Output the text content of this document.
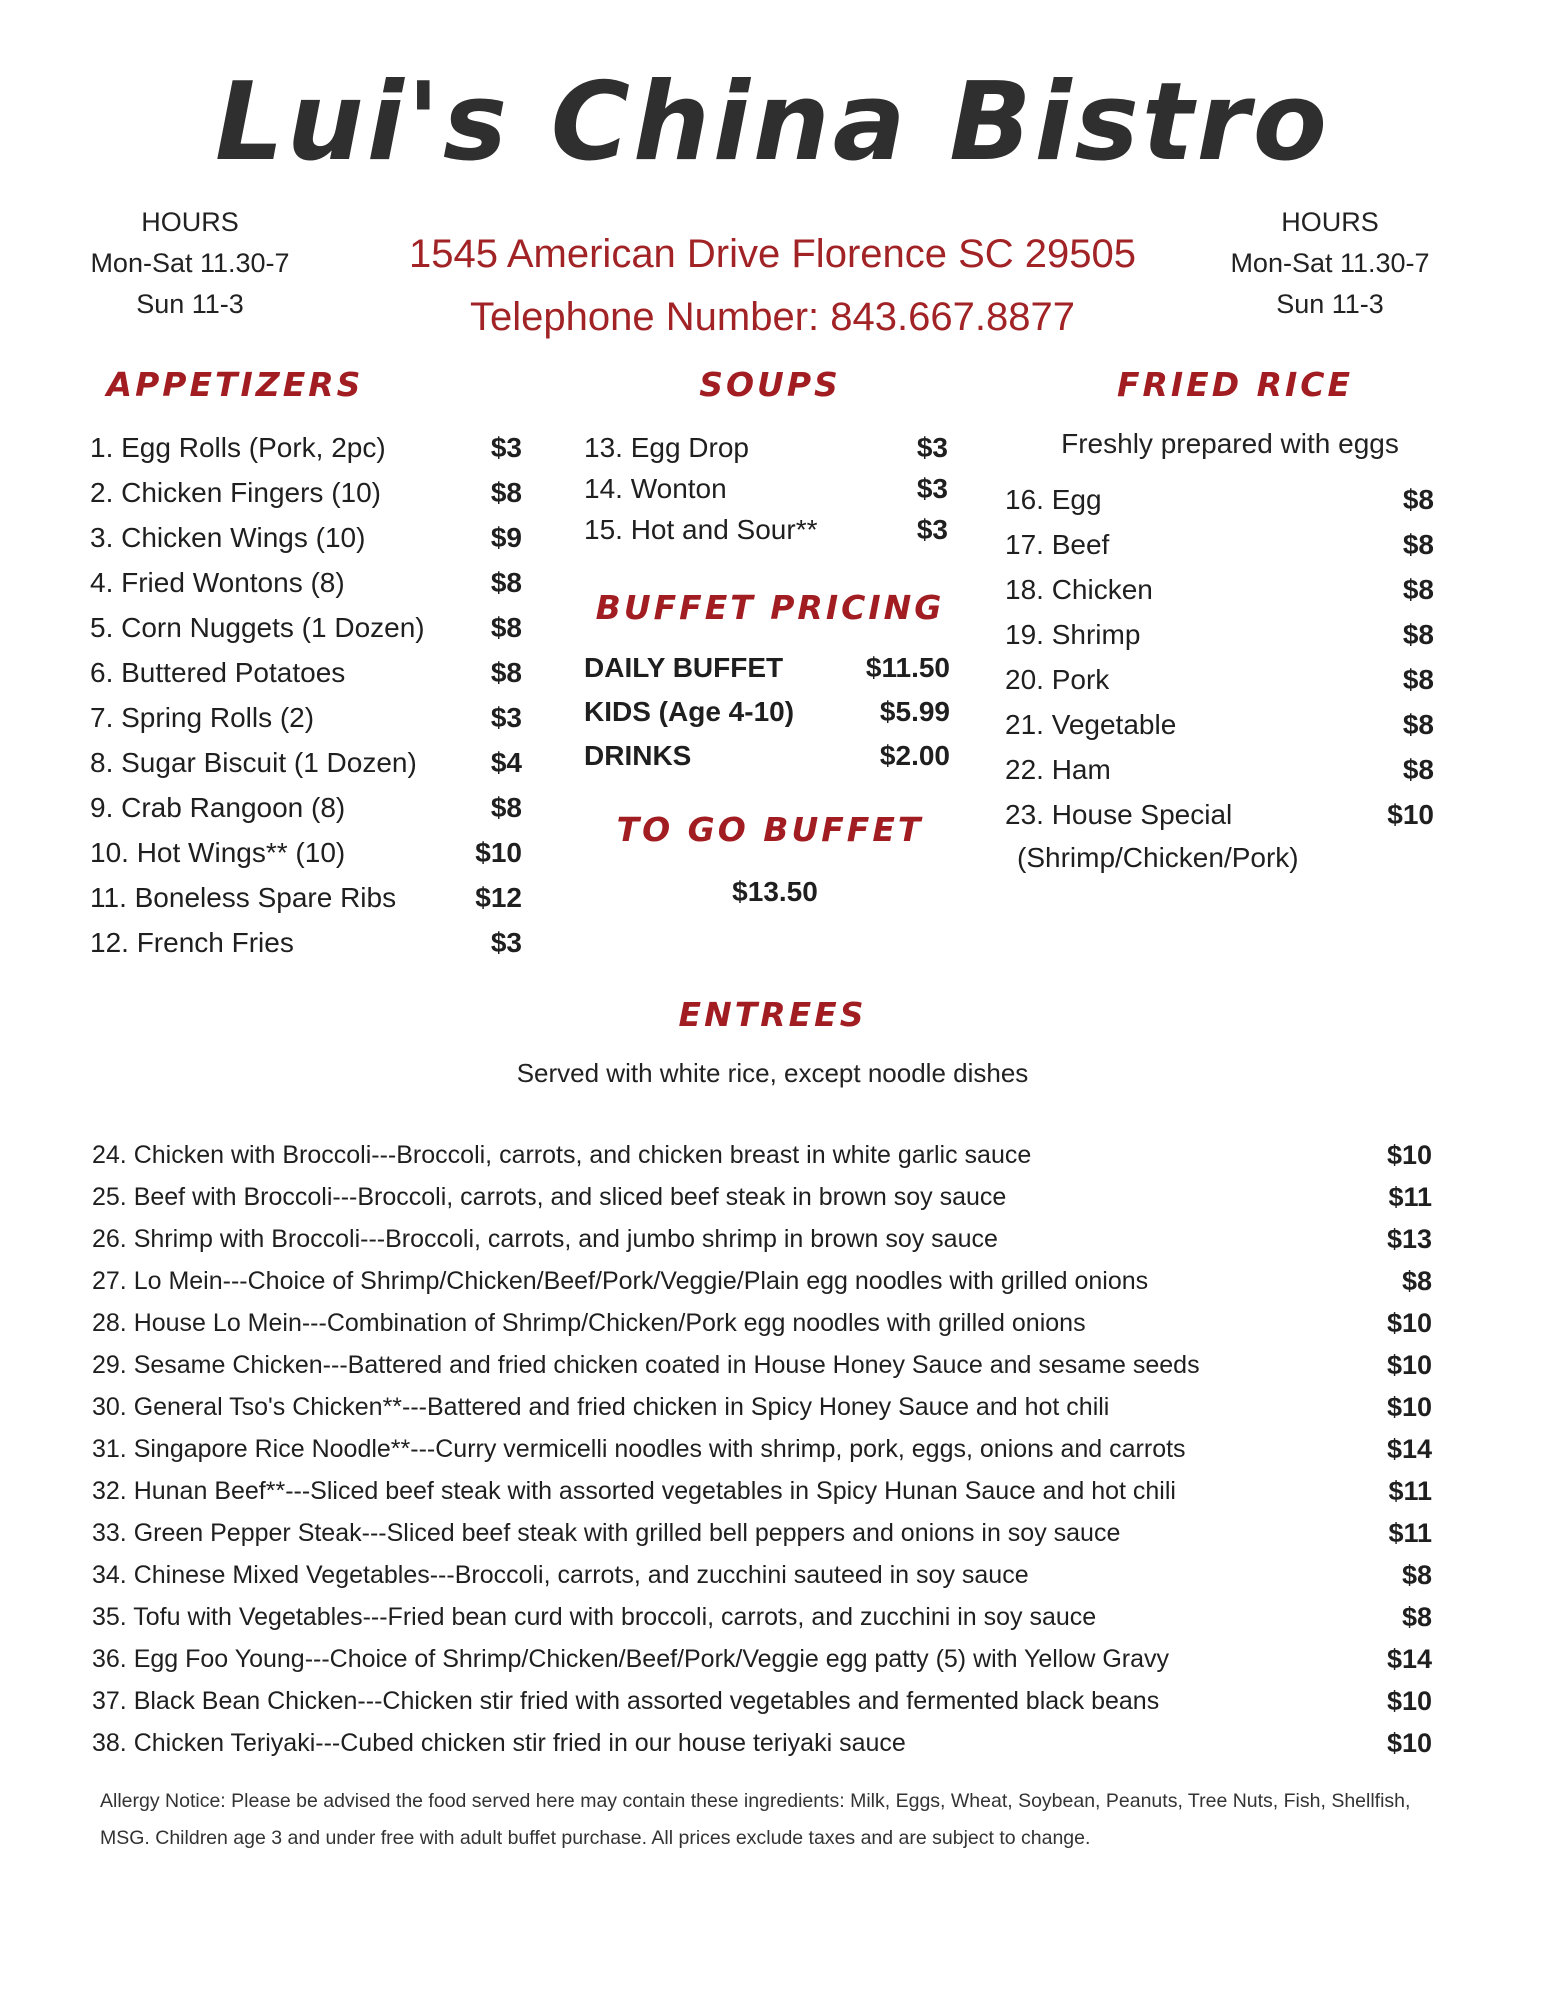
Lui's China Bistro
HOURS
Mon-Sat 11.30-7
Sun 11-3
HOURS
Mon-Sat 11.30-7
Sun 11-3
1545 American Drive Florence SC 29505
Telephone Number: 843.667.8877
APPETIZERS
1. Egg Rolls (Pork, 2pc)	$3
2. Chicken Fingers (10)	$8
3. Chicken Wings (10)	$9
4. Fried Wontons (8)	$8
5. Corn Nuggets (1 Dozen) $8
6. Buttered Potatoes	$8
7. Spring Rolls (2)	$3
8. Sugar Biscuit (1 Dozen)	$4
9. Crab Rangoon (8)	$8
10. Hot Wings** (10)	$10
11. Boneless Spare Ribs	$12
12. French Fries	$3
SOUPS
13. Egg Drop	$3
14. Wonton	$3
15. Hot and Sour**	$3
BUFFET PRICING
DAILY BUFFET	$11.50
KIDS (Age 4-10)	$5.99
DRINKS	$2.00
TO GO BUFFET
$13.50
FRIED RICE
Freshly prepared with eggs
16. Egg	$8
17. Beef	$8
18. Chicken	$8
19. Shrimp	$8
20. Pork	$8
21. Vegetable	$8
22. Ham	$8
23. House Special	$10
(Shrimp/Chicken/Pork)
ENTREES
Served with white rice, except noodle dishes
24. Chicken with Broccoli---Broccoli, carrots, and chicken breast in white garlic sauce	$10
25. Beef with Broccoli---Broccoli, carrots, and sliced beef steak in brown soy sauce	$11
26. Shrimp with Broccoli---Broccoli, carrots, and jumbo shrimp in brown soy sauce	$13
27. Lo Mein---Choice of Shrimp/Chicken/Beef/Pork/Veggie/Plain egg noodles with grilled onions	$8
28. House Lo Mein---Combination of Shrimp/Chicken/Pork egg noodles with grilled onions	$10
29. Sesame Chicken---Battered and fried chicken coated in House Honey Sauce and sesame seeds	$10
30. General Tso's Chicken**---Battered and fried chicken in Spicy Honey Sauce and hot chili	$10
31. Singapore Rice Noodle**---Curry vermicelli noodles with shrimp, pork, eggs, onions and carrots	$14
32. Hunan Beef**---Sliced beef steak with assorted vegetables in Spicy Hunan Sauce and hot chili	$11
33. Green Pepper Steak---Sliced beef steak with grilled bell peppers and onions in soy sauce	$11
34. Chinese Mixed Vegetables---Broccoli, carrots, and zucchini sauteed in soy sauce	$8
35. Tofu with Vegetables---Fried bean curd with broccoli, carrots, and zucchini in soy sauce	$8
36. Egg Foo Young---Choice of Shrimp/Chicken/Beef/Pork/Veggie egg patty (5) with Yellow Gravy	$14
37. Black Bean Chicken---Chicken stir fried with assorted vegetables and fermented black beans	$10
38. Chicken Teriyaki---Cubed chicken stir fried in our house teriyaki sauce	$10
Allergy Notice: Please be advised the food served here may contain these ingredients: Milk, Eggs, Wheat, Soybean, Peanuts, Tree Nuts, Fish, Shellfish, MSG. Children age 3 and under free with adult buffet purchase. All prices exclude taxes and are subject to change.
